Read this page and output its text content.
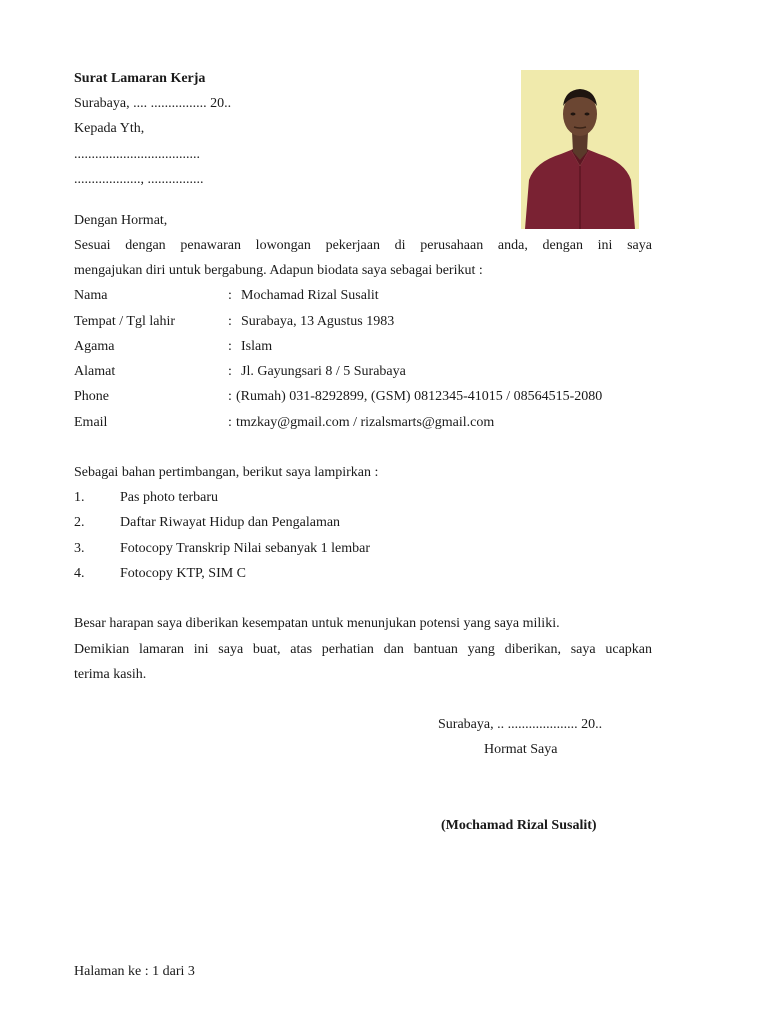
Surat Lamaran Kerja
Surabaya, .... ................ 20..
Kepada Yth,
....................................
..................., ................
Dengan Hormat,
Sesuai dengan penawaran lowongan pekerjaan di perusahaan anda, dengan ini saya
mengajukan diri untuk bergabung. Adapun biodata saya sebagai berikut :
Nama	: Mochamad Rizal Susalit
Tempat / Tgl lahir	: Surabaya, 13 Agustus 1983
Agama	: Islam
Alamat	: Jl. Gayungsari 8 / 5 Surabaya
Phone	: (Rumah) 031-8292899, (GSM) 0812345-41015 / 08564515-2080
Email	: tmzkay@gmail.com / rizalsmarts@gmail.com
Sebagai bahan pertimbangan, berikut saya lampirkan :
1.	Pas photo terbaru
2.	Daftar Riwayat Hidup dan Pengalaman
3.	Fotocopy Transkrip Nilai sebanyak 1 lembar
4.	Fotocopy KTP, SIM C
Besar harapan saya diberikan kesempatan untuk menunjukan potensi yang saya miliki.
Demikian lamaran ini saya buat, atas perhatian dan bantuan yang diberikan, saya ucapkan
terima kasih.
Surabaya, .. .................... 20..
Hormat Saya
(Mochamad Rizal Susalit)
Halaman ke : 1 dari 3
